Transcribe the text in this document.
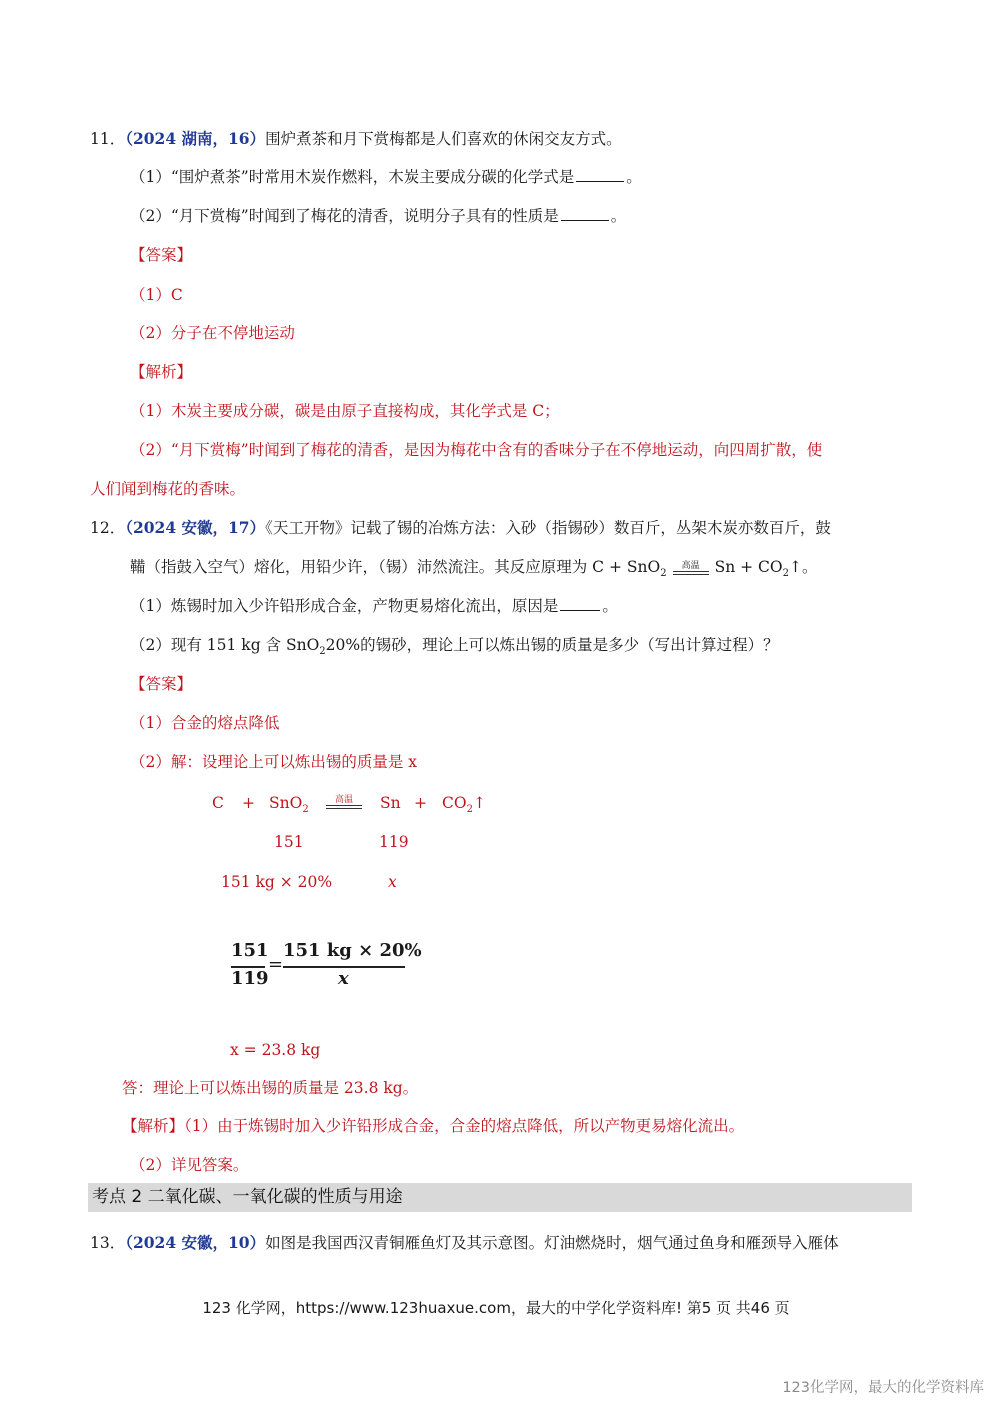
11．（2024 湖南，16）围炉煮茶和月下赏梅都是人们喜欢的休闲交友方式。
（1）“围炉煮茶”时常用木炭作燃料，木炭主要成分碳的化学式是	。
（2）“月下赏梅”时闻到了梅花的清香，说明分子具有的性质是	。
【答案】
（1）C
（2）分子在不停地运动
【解析】
（1）木炭主要成分碳，碳是由原子直接构成，其化学式是 C；
（2）“月下赏梅”时闻到了梅花的清香，是因为梅花中含有的香味分子在不停地运动，向四周扩散，使
人们闻到梅花的香味。
12．（2024 安徽，17）《天工开物》记载了锡的冶炼方法：入砂（指锡砂）数百斤，丛架木炭亦数百斤，鼓
鞴（指鼓入空气）熔化，用铅少许，（锡）沛然流注。其反应原理为 C + SnO$_2$
高温 $Sn + CO_2↑$。
（1）炼锡时加入少许铅形成合金，产物更易熔化流出，原因是	。
（2）现有 151 kg 含 SnO$_2$20%的锡砂，理论上可以炼出锡的质量是多少（写出计算过程）？
【答案】
（1）合金的熔点降低
（2）解：设理论上可以炼出锡的质量是 x
C + SnO$_2$
高温	$Sn + CO_2↑$
151	119
151 kg × 20%	x
151
119
=
151 kg × 20%
x
x = 23.8 kg
答：理论上可以炼出锡的质量是 23.8 kg。
【解析】（1）由于炼锡时加入少许铅形成合金，合金的熔点降低，所以产物更易熔化流出。
（2）详见答案。
考点 2 二氧化碳、一氧化碳的性质与用途
13．（2024 安徽，10）如图是我国西汉青铜雁鱼灯及其示意图。灯油燃烧时，烟气通过鱼身和雁颈导入雁体
123 化学网，https://www.123huaxue.com，最大的中学化学资料库! 第5 页 共46 页
123化学网，最大的化学资料库
